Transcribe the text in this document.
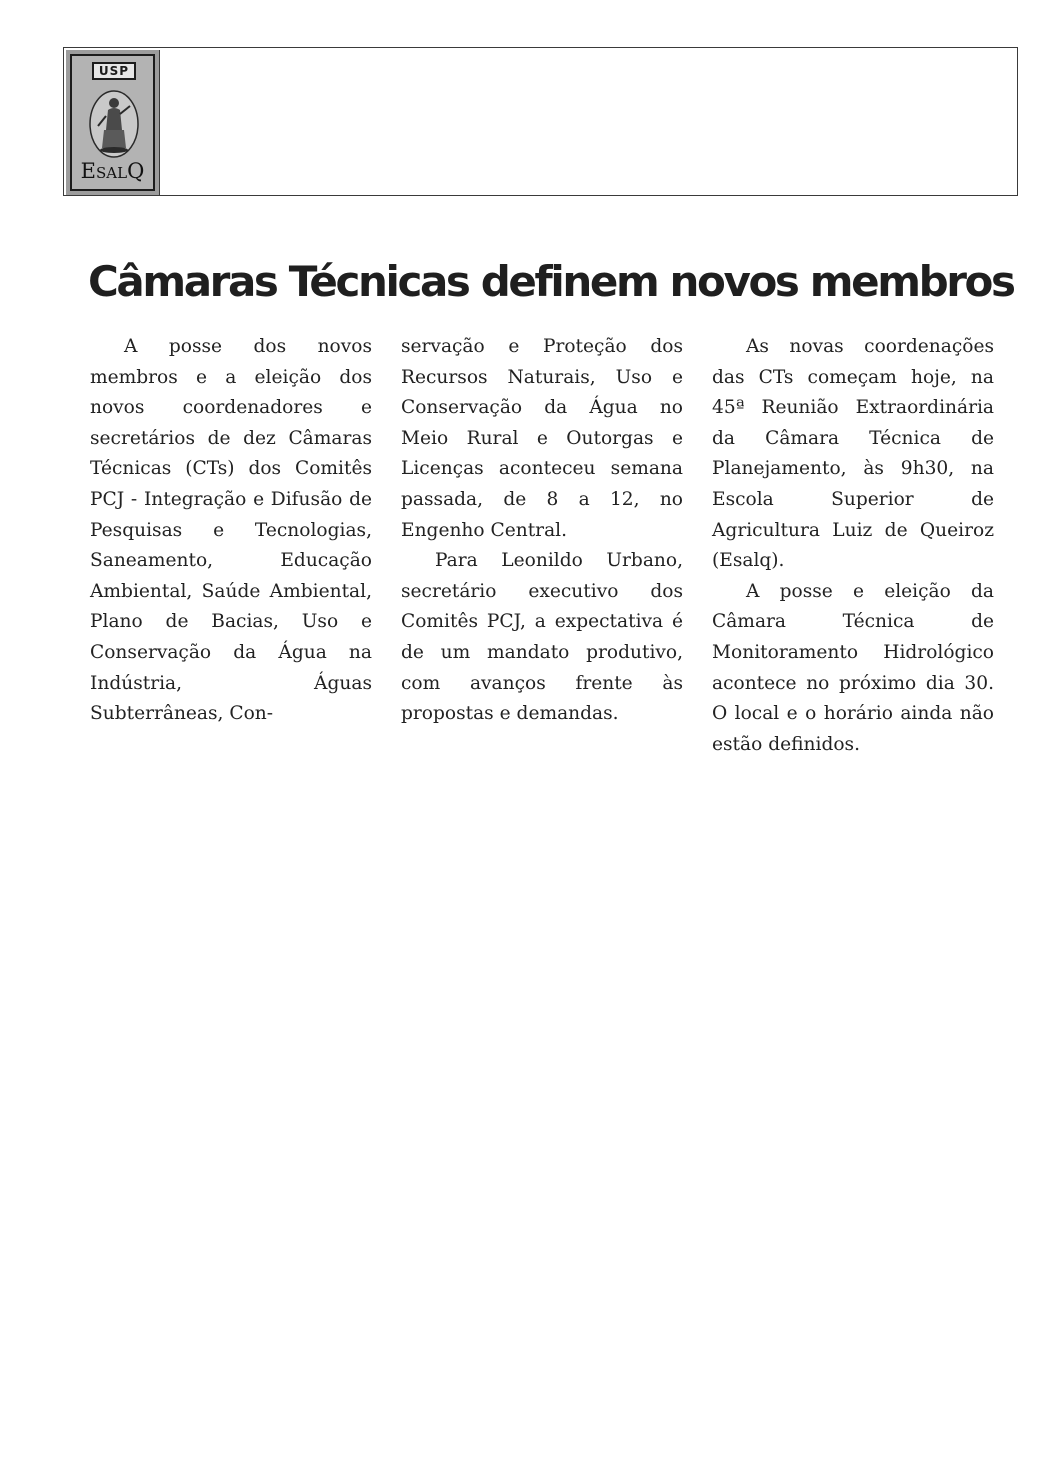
USP
ESALQ
Câmaras Técnicas definem novos membros

A posse dos novos membros e a eleição dos novos coordenadores e secretários de dez Câmaras Técnicas (CTs) dos Comitês PCJ - Integração e Difusão de Pesquisas e Tecnologias, Saneamento, Educação Ambiental, Saúde Ambiental, Plano de Bacias, Uso e Conservação da Água na Indústria, Águas Subterrâneas, Con-

servação e Proteção dos Recursos Naturais, Uso e Conservação da Água no Meio Rural e Outorgas e Licenças aconteceu semana passada, de 8 a 12, no Engenho Central.

Para Leonildo Urbano, secretário executivo dos Comitês PCJ, a expectativa é de um mandato produtivo, com avanços frente às propostas e demandas.

As novas coordenações das CTs começam hoje, na 45ª Reunião Extraordinária da Câmara Técnica de Planejamento, às 9h30, na Escola Superior de Agricultura Luiz de Queiroz (Esalq).

A posse e eleição da Câmara Técnica de Monitoramento Hidrológico acontece no próximo dia 30. O local e o horário ainda não estão definidos.
